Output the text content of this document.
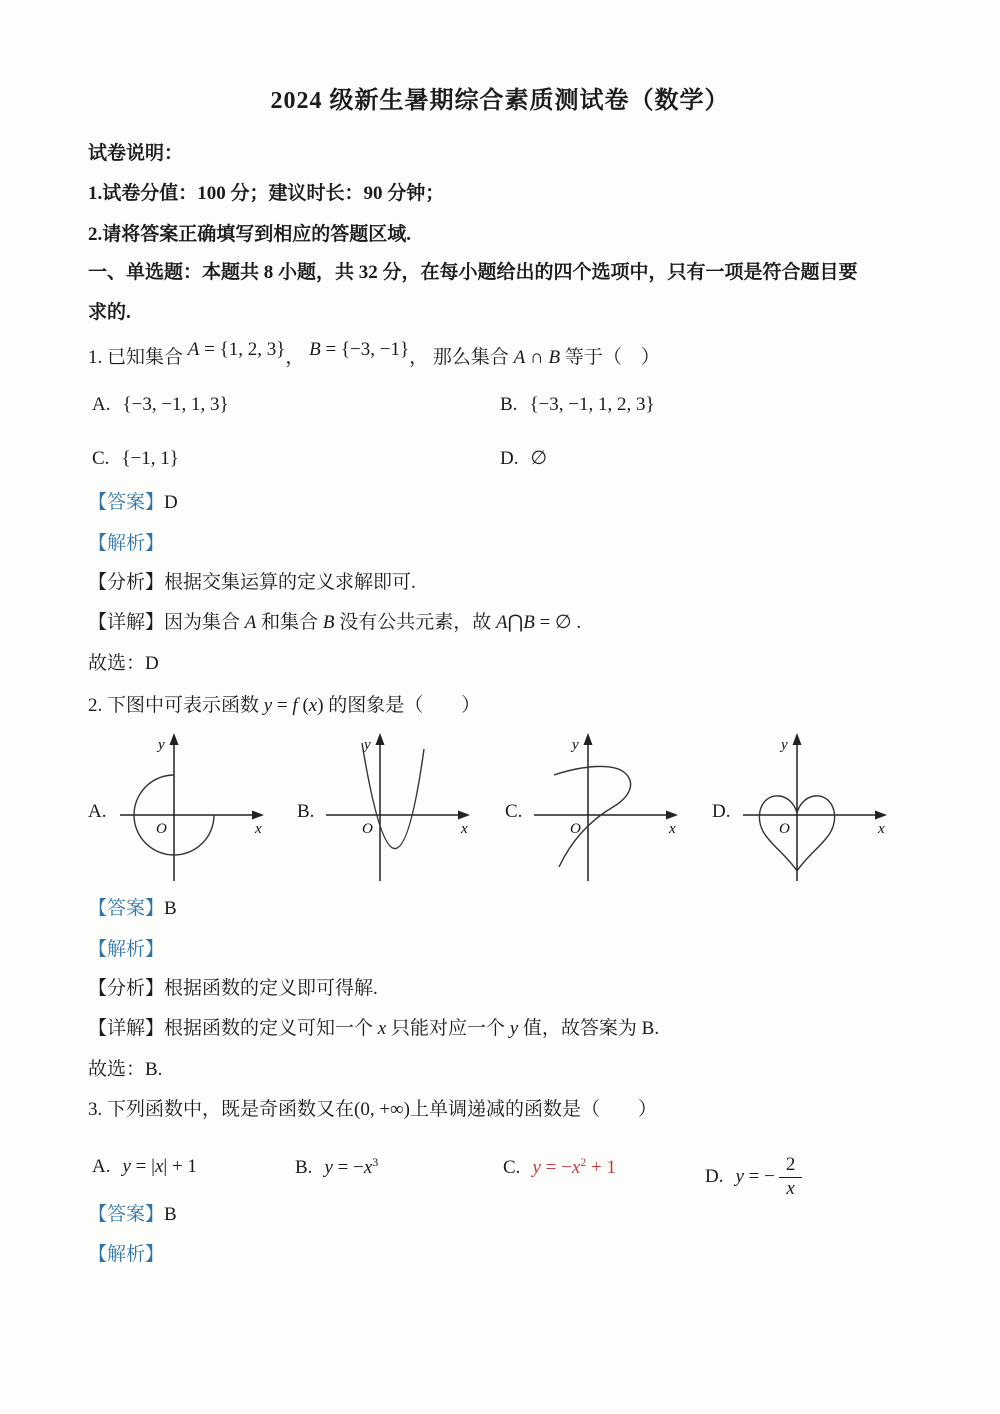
2024 级新生暑期综合素质测试卷（数学）
试卷说明：
1.试卷分值：100 分；建议时长：90 分钟；
2.请将答案正确填写到相应的答题区域.
一、单选题：本题共 8 小题，共 32 分，在每小题给出的四个选项中，只有一项是符合题目要
求的.
1. 已知集合 A = {1, 2, 3}， B = {−3, −1}， 那么集合 A ∩ B 等于（　）
A. {−3, −1, 1, 3}	B. {−3, −1, 1, 2, 3}
C. {−1, 1}	D. ∅
【答案】D
【解析】
【分析】根据交集运算的定义求解即可.
【详解】因为集合 A 和集合 B 没有公共元素，故 A⋂B = ∅ .
故选：D
2. 下图中可表示函数 y = f (x) 的图象是（　　）
A.	B.	C.	D.
y
x
O
y
x
O
y
x
O
y
x
O
【答案】B
【解析】
【分析】根据函数的定义即可得解.
【详解】根据函数的定义可知一个 x 只能对应一个 y 值，故答案为 B.
故选：B.
3. 下列函数中，既是奇函数又在(0, +∞)上单调递减的函数是（　　）
A. y = |x| + 1	B. $y = -x^3$	C. $y = -x^2 + 1$	D. y = − $\frac{2}{x}$
【答案】B
【解析】
